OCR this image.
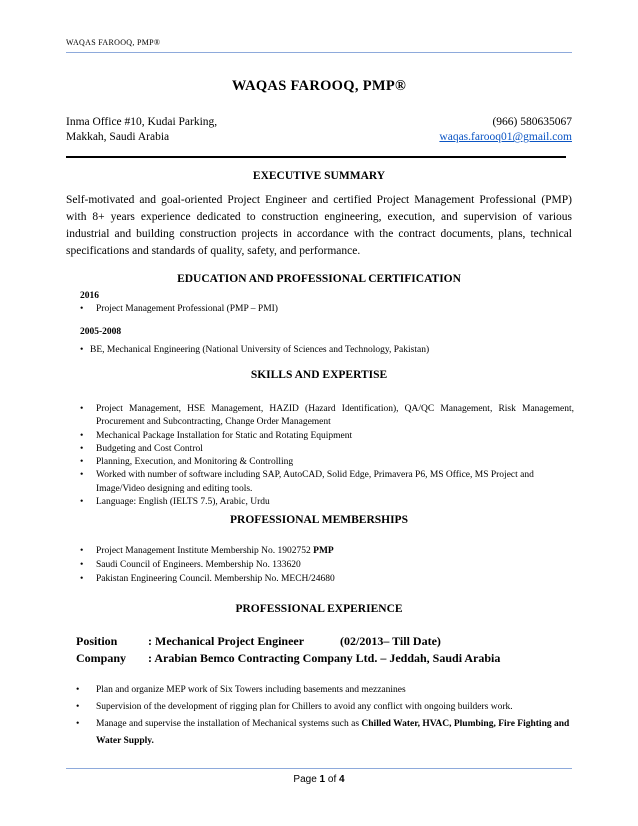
WAQAS FAROOQ, PMP®
WAQAS FAROOQ, PMP®
Inma Office #10, Kudai Parking,
Makkah, Saudi Arabia
(966) 580635067
waqas.farooq01@gmail.com
EXECUTIVE SUMMARY
Self-motivated and goal-oriented Project Engineer and certified Project Management Professional (PMP) with 8+ years experience dedicated to construction engineering, execution, and supervision of various industrial and building construction projects in accordance with the contract documents, plans, technical specifications and standards of quality, safety, and performance.
EDUCATION AND PROFESSIONAL CERTIFICATION
2016
•	Project Management Professional (PMP – PMI)
2005-2008
• BE, Mechanical Engineering (National University of Sciences and Technology, Pakistan)
SKILLS AND EXPERTISE
• Project Management, HSE Management, HAZID (Hazard Identification), QA/QC Management, Risk Management, Procurement and Subcontracting, Change Order Management
• Mechanical Package Installation for Static and Rotating Equipment
• Budgeting and Cost Control
• Planning, Execution, and Monitoring & Controlling
• Worked with number of software including SAP, AutoCAD, Solid Edge, Primavera P6, MS Office, MS Project and Image/Video designing and editing tools.
• Language: English (IELTS 7.5), Arabic, Urdu
PROFESSIONAL MEMBERSHIPS
• Project Management Institute Membership No. 1902752 PMP
• Saudi Council of Engineers. Membership No. 133620
• Pakistan Engineering Council. Membership No. MECH/24680
PROFESSIONAL EXPERIENCE
Position	: Mechanical Project Engineer	(02/2013– Till Date)
Company : Arabian Bemco Contracting Company Ltd. – Jeddah, Saudi Arabia
• Plan and organize MEP work of Six Towers including basements and mezzanines
• Supervision of the development of rigging plan for Chillers to avoid any conflict with ongoing builders work.
• Manage and supervise the installation of Mechanical systems such as Chilled Water, HVAC, Plumbing, Fire Fighting and Water Supply.
Page 1 of 4
